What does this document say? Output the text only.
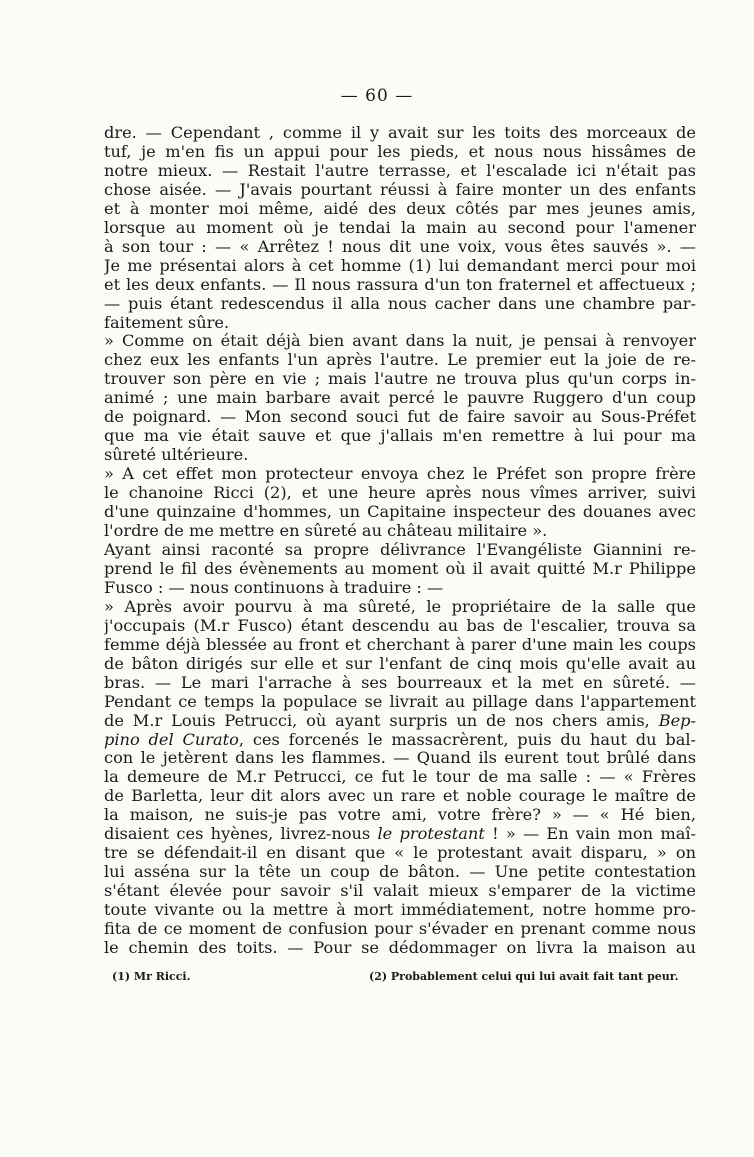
— 60 —
dre. — Cependant , comme il y avait sur les toits des morceaux de
tuf, je m'en fis un appui pour les pieds, et nous nous hissâmes de
notre mieux. — Restait l'autre terrasse, et l'escalade ici n'était pas
chose aisée. — J'avais pourtant réussi à faire monter un des enfants
et à monter moi même, aidé des deux côtés par mes jeunes amis,
lorsque au moment où je tendai la main au second pour l'amener
à son tour : — « Arrêtez ! nous dit une voix, vous êtes sauvés ». —
Je me présentai alors à cet homme (1) lui demandant merci pour moi
et les deux enfants. — Il nous rassura d'un ton fraternel et affectueux ;
— puis étant redescendus il alla nous cacher dans une chambre par-
faitement sûre.
» Comme on était déjà bien avant dans la nuit, je pensai à renvoyer
chez eux les enfants l'un après l'autre. Le premier eut la joie de re-
trouver son père en vie ; mais l'autre ne trouva plus qu'un corps in-
animé ; une main barbare avait percé le pauvre Ruggero d'un coup
de poignard. — Mon second souci fut de faire savoir au Sous-Préfet
que ma vie était sauve et que j'allais m'en remettre à lui pour ma
sûreté ultérieure.
» A cet effet mon protecteur envoya chez le Préfet son propre frère
le chanoine Ricci (2), et une heure après nous vîmes arriver, suivi
d'une quinzaine d'hommes, un Capitaine inspecteur des douanes avec
l'ordre de me mettre en sûreté au château militaire ».
Ayant ainsi raconté sa propre délivrance l'Evangéliste Giannini re-
prend le fil des évènements au moment où il avait quitté M.r Philippe
Fusco : — nous continuons à traduire : —
» Après avoir pourvu à ma sûreté, le propriétaire de la salle que
j'occupais (M.r Fusco) étant descendu au bas de l'escalier, trouva sa
femme déjà blessée au front et cherchant à parer d'une main les coups
de bâton dirigés sur elle et sur l'enfant de cinq mois qu'elle avait au
bras. — Le mari l'arrache à ses bourreaux et la met en sûreté. —
Pendant ce temps la populace se livrait au pillage dans l'appartement
de M.r Louis Petrucci, où ayant surpris un de nos chers amis, Bep-
pino del Curato, ces forcenés le massacrèrent, puis du haut du bal-
con le jetèrent dans les flammes. — Quand ils eurent tout brûlé dans
la demeure de M.r Petrucci, ce fut le tour de ma salle : — « Frères
de Barletta, leur dit alors avec un rare et noble courage le maître de
la maison, ne suis-je pas votre ami, votre frère? » — « Hé bien,
disaient ces hyènes, livrez-nous le protestant ! » — En vain mon maî-
tre se défendait-il en disant que « le protestant avait disparu, » on
lui asséna sur la tête un coup de bâton. — Une petite contestation
s'étant élevée pour savoir s'il valait mieux s'emparer de la victime
toute vivante ou la mettre à mort immédiatement, notre homme pro-
fita de ce moment de confusion pour s'évader en prenant comme nous
le chemin des toits. — Pour se dédommager on livra la maison au
(1) Mr Ricci.	(2) Probablement celui qui lui avait fait tant peur.
